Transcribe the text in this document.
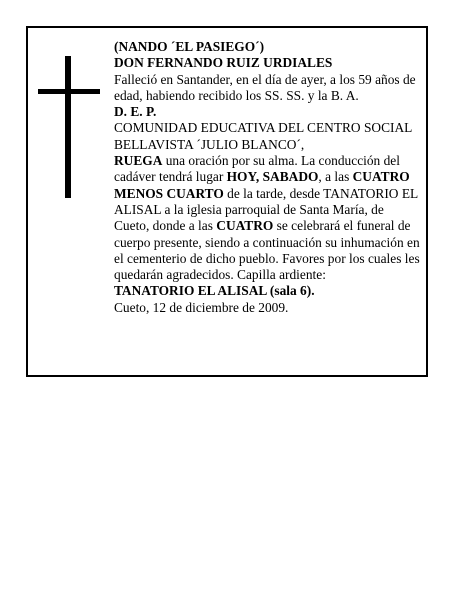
(NANDO ´EL PASIEGO´)

DON FERNANDO RUIZ URDIALES

Falleció en Santander, en el día de ayer, a los 59 años de edad, habiendo recibido los SS. SS. y la B. A.

D. E. P.

COMUNIDAD EDUCATIVA DEL CENTRO SOCIAL BELLAVISTA ´JULIO BLANCO´,

RUEGA una oración por su alma. La conducción del cadáver tendrá lugar HOY, SABADO, a las CUATRO MENOS CUARTO de la tarde, desde TANATORIO EL ALISAL a la iglesia parroquial de Santa María, de Cueto, donde a las CUATRO se celebrará el funeral de cuerpo presente, siendo a continuación su inhumación en el cementerio de dicho pueblo. Favores por los cuales les quedarán agradecidos. Capilla ardiente:

TANATORIO EL ALISAL (sala 6).

Cueto, 12 de diciembre de 2009.
